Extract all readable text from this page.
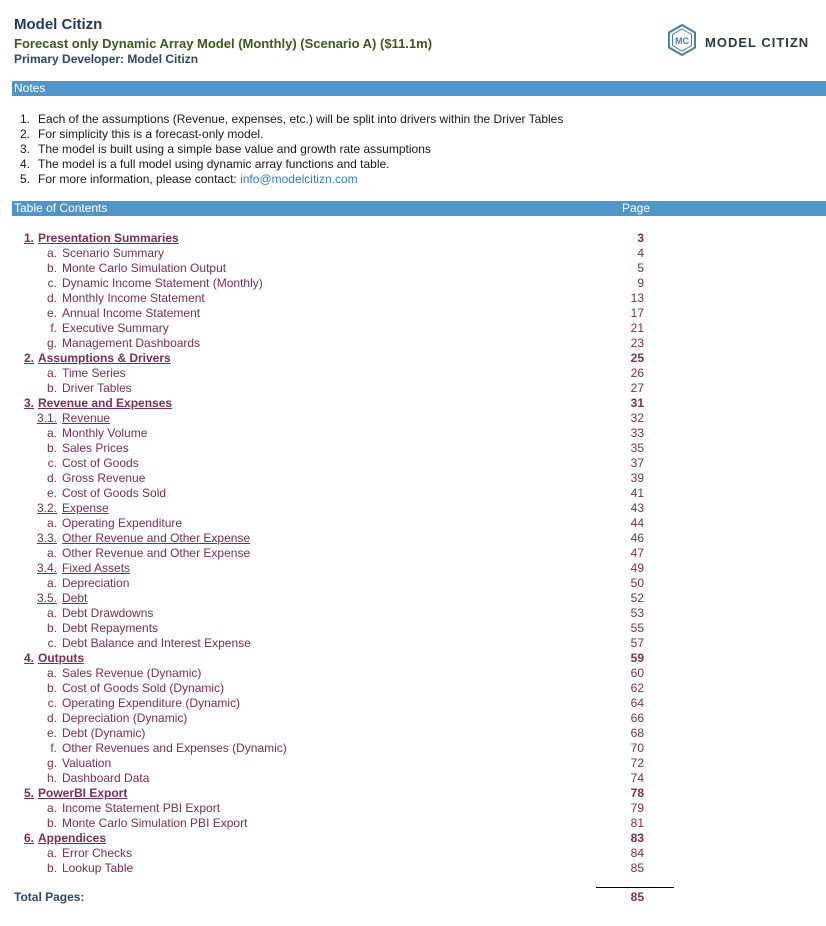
Model Citizn
Forecast only Dynamic Array Model (Monthly) (Scenario A) ($11.1m)
Primary Developer: Model Citizn
MC MODEL CITIZN
Notes
1. Each of the assumptions (Revenue, expenses, etc.) will be split into drivers within the Driver Tables
2. For simplicity this is a forecast-only model.
3. The model is built using a simple base value and growth rate assumptions
4. The model is a full model using dynamic array functions and table.
5. For more information, please contact: info@modelcitizn.com
Table of Contents	Page
1. Presentation Summaries	3
a. Scenario Summary	4
b. Monte Carlo Simulation Output	5
c. Dynamic Income Statement (Monthly)	9
d. Monthly Income Statement	13
e. Annual Income Statement	17
f. Executive Summary	21
g. Management Dashboards	23
2. Assumptions & Drivers	25
a. Time Series	26
b. Driver Tables	27
3. Revenue and Expenses	31
3.1. Revenue	32
a. Monthly Volume	33
b. Sales Prices	35
c. Cost of Goods	37
d. Gross Revenue	39
e. Cost of Goods Sold	41
3.2. Expense	43
a. Operating Expenditure	44
3.3. Other Revenue and Other Expense	46
a. Other Revenue and Other Expense	47
3.4. Fixed Assets	49
a. Depreciation	50
3.5. Debt	52
a. Debt Drawdowns	53
b. Debt Repayments	55
c. Debt Balance and Interest Expense	57
4. Outputs	59
a. Sales Revenue (Dynamic)	60
b. Cost of Goods Sold (Dynamic)	62
c. Operating Expenditure (Dynamic)	64
d. Depreciation (Dynamic)	66
e. Debt (Dynamic)	68
f. Other Revenues and Expenses (Dynamic)	70
g. Valuation	72
h. Dashboard Data	74
5. PowerBI Export	78
a. Income Statement PBI Export	79
b. Monte Carlo Simulation PBI Export	81
6. Appendices	83
a. Error Checks	84
b. Lookup Table	85
Total Pages:	85
